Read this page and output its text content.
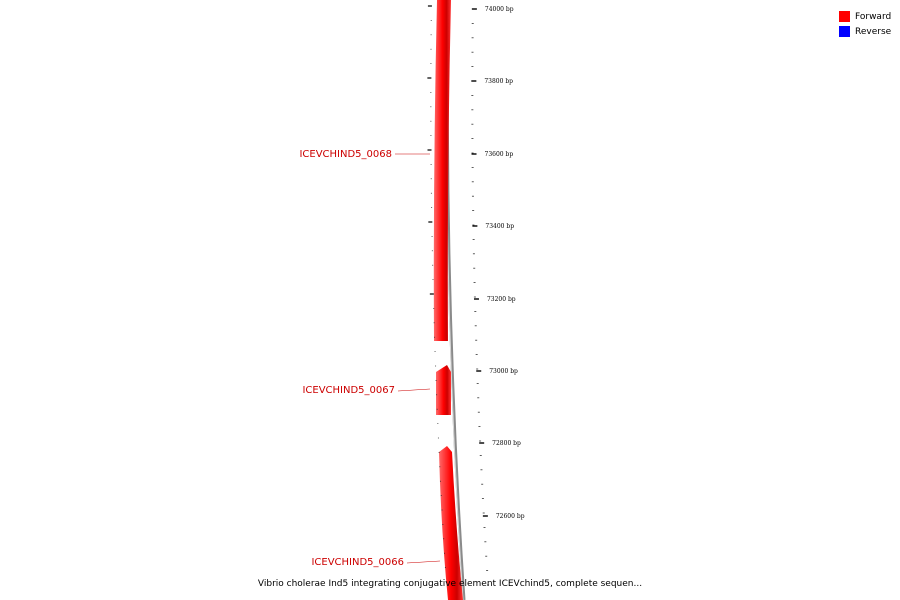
74000 bp
73800 bp
73600 bp
73400 bp
73200 bp
73000 bp
72800 bp
72600 bp
ICEVCHIND5_0068
ICEVCHIND5_0067
ICEVCHIND5_0066
Forward
Reverse
Vibrio cholerae Ind5 integrating conjugative element ICEVchind5, complete sequen...
